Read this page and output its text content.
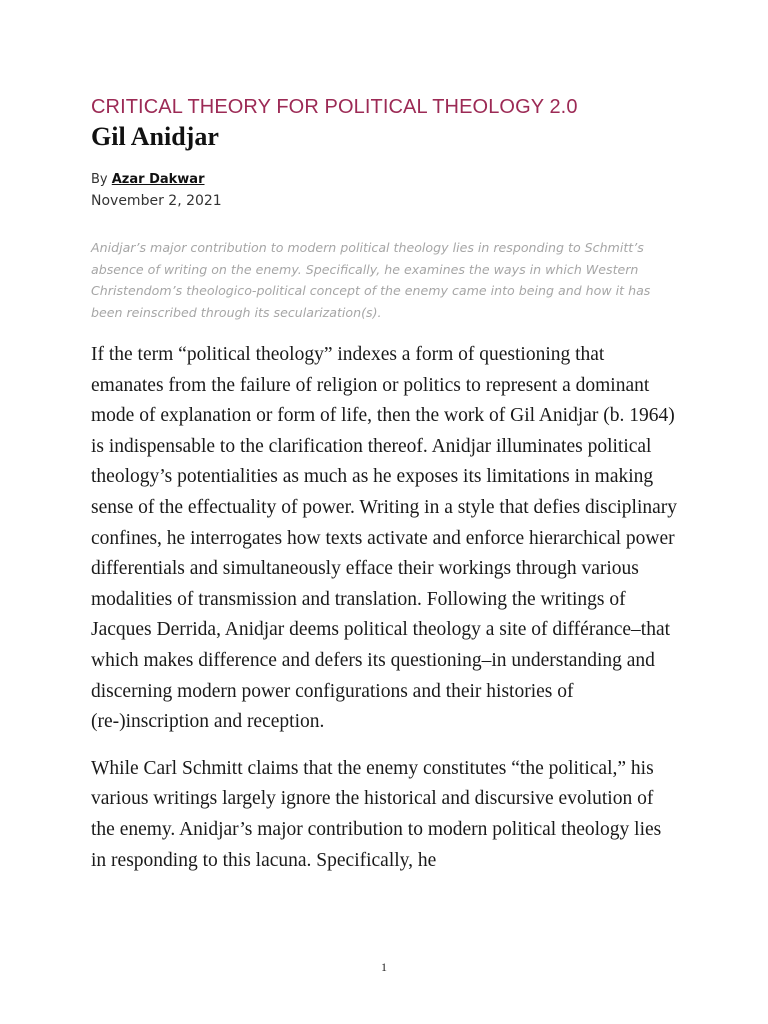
CRITICAL THEORY FOR POLITICAL THEOLOGY 2.0
Gil Anidjar
By Azar Dakwar
November 2, 2021
Anidjar’s major contribution to modern political theology lies in responding to Schmitt’s absence of writing on the enemy. Specifically, he examines the ways in which Western Christendom’s theologico-political concept of the enemy came into being and how it has been reinscribed through its secularization(s).

If the term “political theology” indexes a form of questioning that emanates from the failure of religion or politics to represent a dominant mode of explanation or form of life, then the work of Gil Anidjar (b. 1964) is indispensable to the clarification thereof. Anidjar illuminates political theology’s potentialities as much as he exposes its limitations in making sense of the effectuality of power. Writing in a style that defies disciplinary confines, he interrogates how texts activate and enforce hierarchical power differentials and simultaneously efface their workings through various modalities of transmission and translation. Following the writings of Jacques Derrida, Anidjar deems political theology a site of différance–that which makes difference and defers its questioning–in understanding and discerning modern power configurations and their histories of (re-)inscription and reception.

While Carl Schmitt claims that the enemy constitutes “the political,” his various writings largely ignore the historical and discursive evolution of the enemy. Anidjar’s major contribution to modern political theology lies in responding to this lacuna. Specifically, he

1
